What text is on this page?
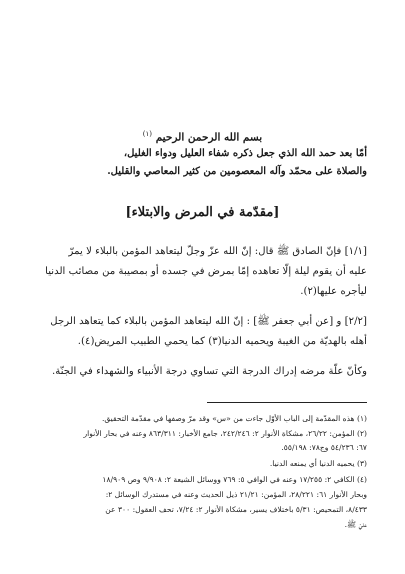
بسم الله الرحمن الرحيم $^{(١)}$
أمّا بعد حمد الله الذي جعل ذكره شفاء العليل ودواء الغليل،
والصلاة على محمّد وآله المعصومين من كثير المعاصي والقليل.
[مقدّمة في المرض والابتلاء]
[١/١] فإنّ الصادق ﷺ قال: إنّ الله عزّ وجلّ ليتعاهد المؤمن بالبلاء لا يمرّ
عليه أن يقوم ليلة إلّا تعاهده إمّا بمرض في جسده أو بمصيبة من مصائب الدنيا
ليأجره عليها(٢).
[٢/٢] و [عن أبي جعفر ﷺ] : إنّ الله ليتعاهد المؤمن بالبلاء كما يتعاهد الرجل
أهله بالهديّة من الغيبة ويحميه الدنيا(٣) كما يحمي الطبيب المريض(٤).
وكأنّ علّة مرضه إدراك الدرجة التي تساوي درجة الأنبياء والشهداء في الجنّة.
(١) هذه المقدّمة إلى الباب الأوّل جاءت من «س» وقد مرّ وصفها في مقدّمة التحقيق.
(٢) المؤمن: ٢٦/٢٢، مشكاة الأنوار ٢: ٢٤٢/٢٤٦، جامع الأخبار: ٨٦٣/٣١١ وعنه في بحار الأنوار
٦٧: ٥٤/٢٣٦ وج٧٨: ٥٥/١٩٨.
(٣) يحميه الدنيا أي يمنعه الدنيا.
(٤) الكافي ٢: ١٧/٢٥٥ وعنه في الوافي ٥: ٧٦٩ ووسائل الشيعة ٢: ٩/٩٠٨ وص ١٨/٩٠٩
وبحار الأنوار ٦١: ٢٨/٢٢١، المؤمن: ٢١/٢١ ذيل الحديث وعنه في مستدرك الوسائل ٢:
٨/٤٣٣، التمحيص: ٥/٣١ باختلاف يسير، مشكاة الأنوار ٢: ٧/٢٤، تحف العقول: ٣٠٠ عن
عليّ ﷺ.
